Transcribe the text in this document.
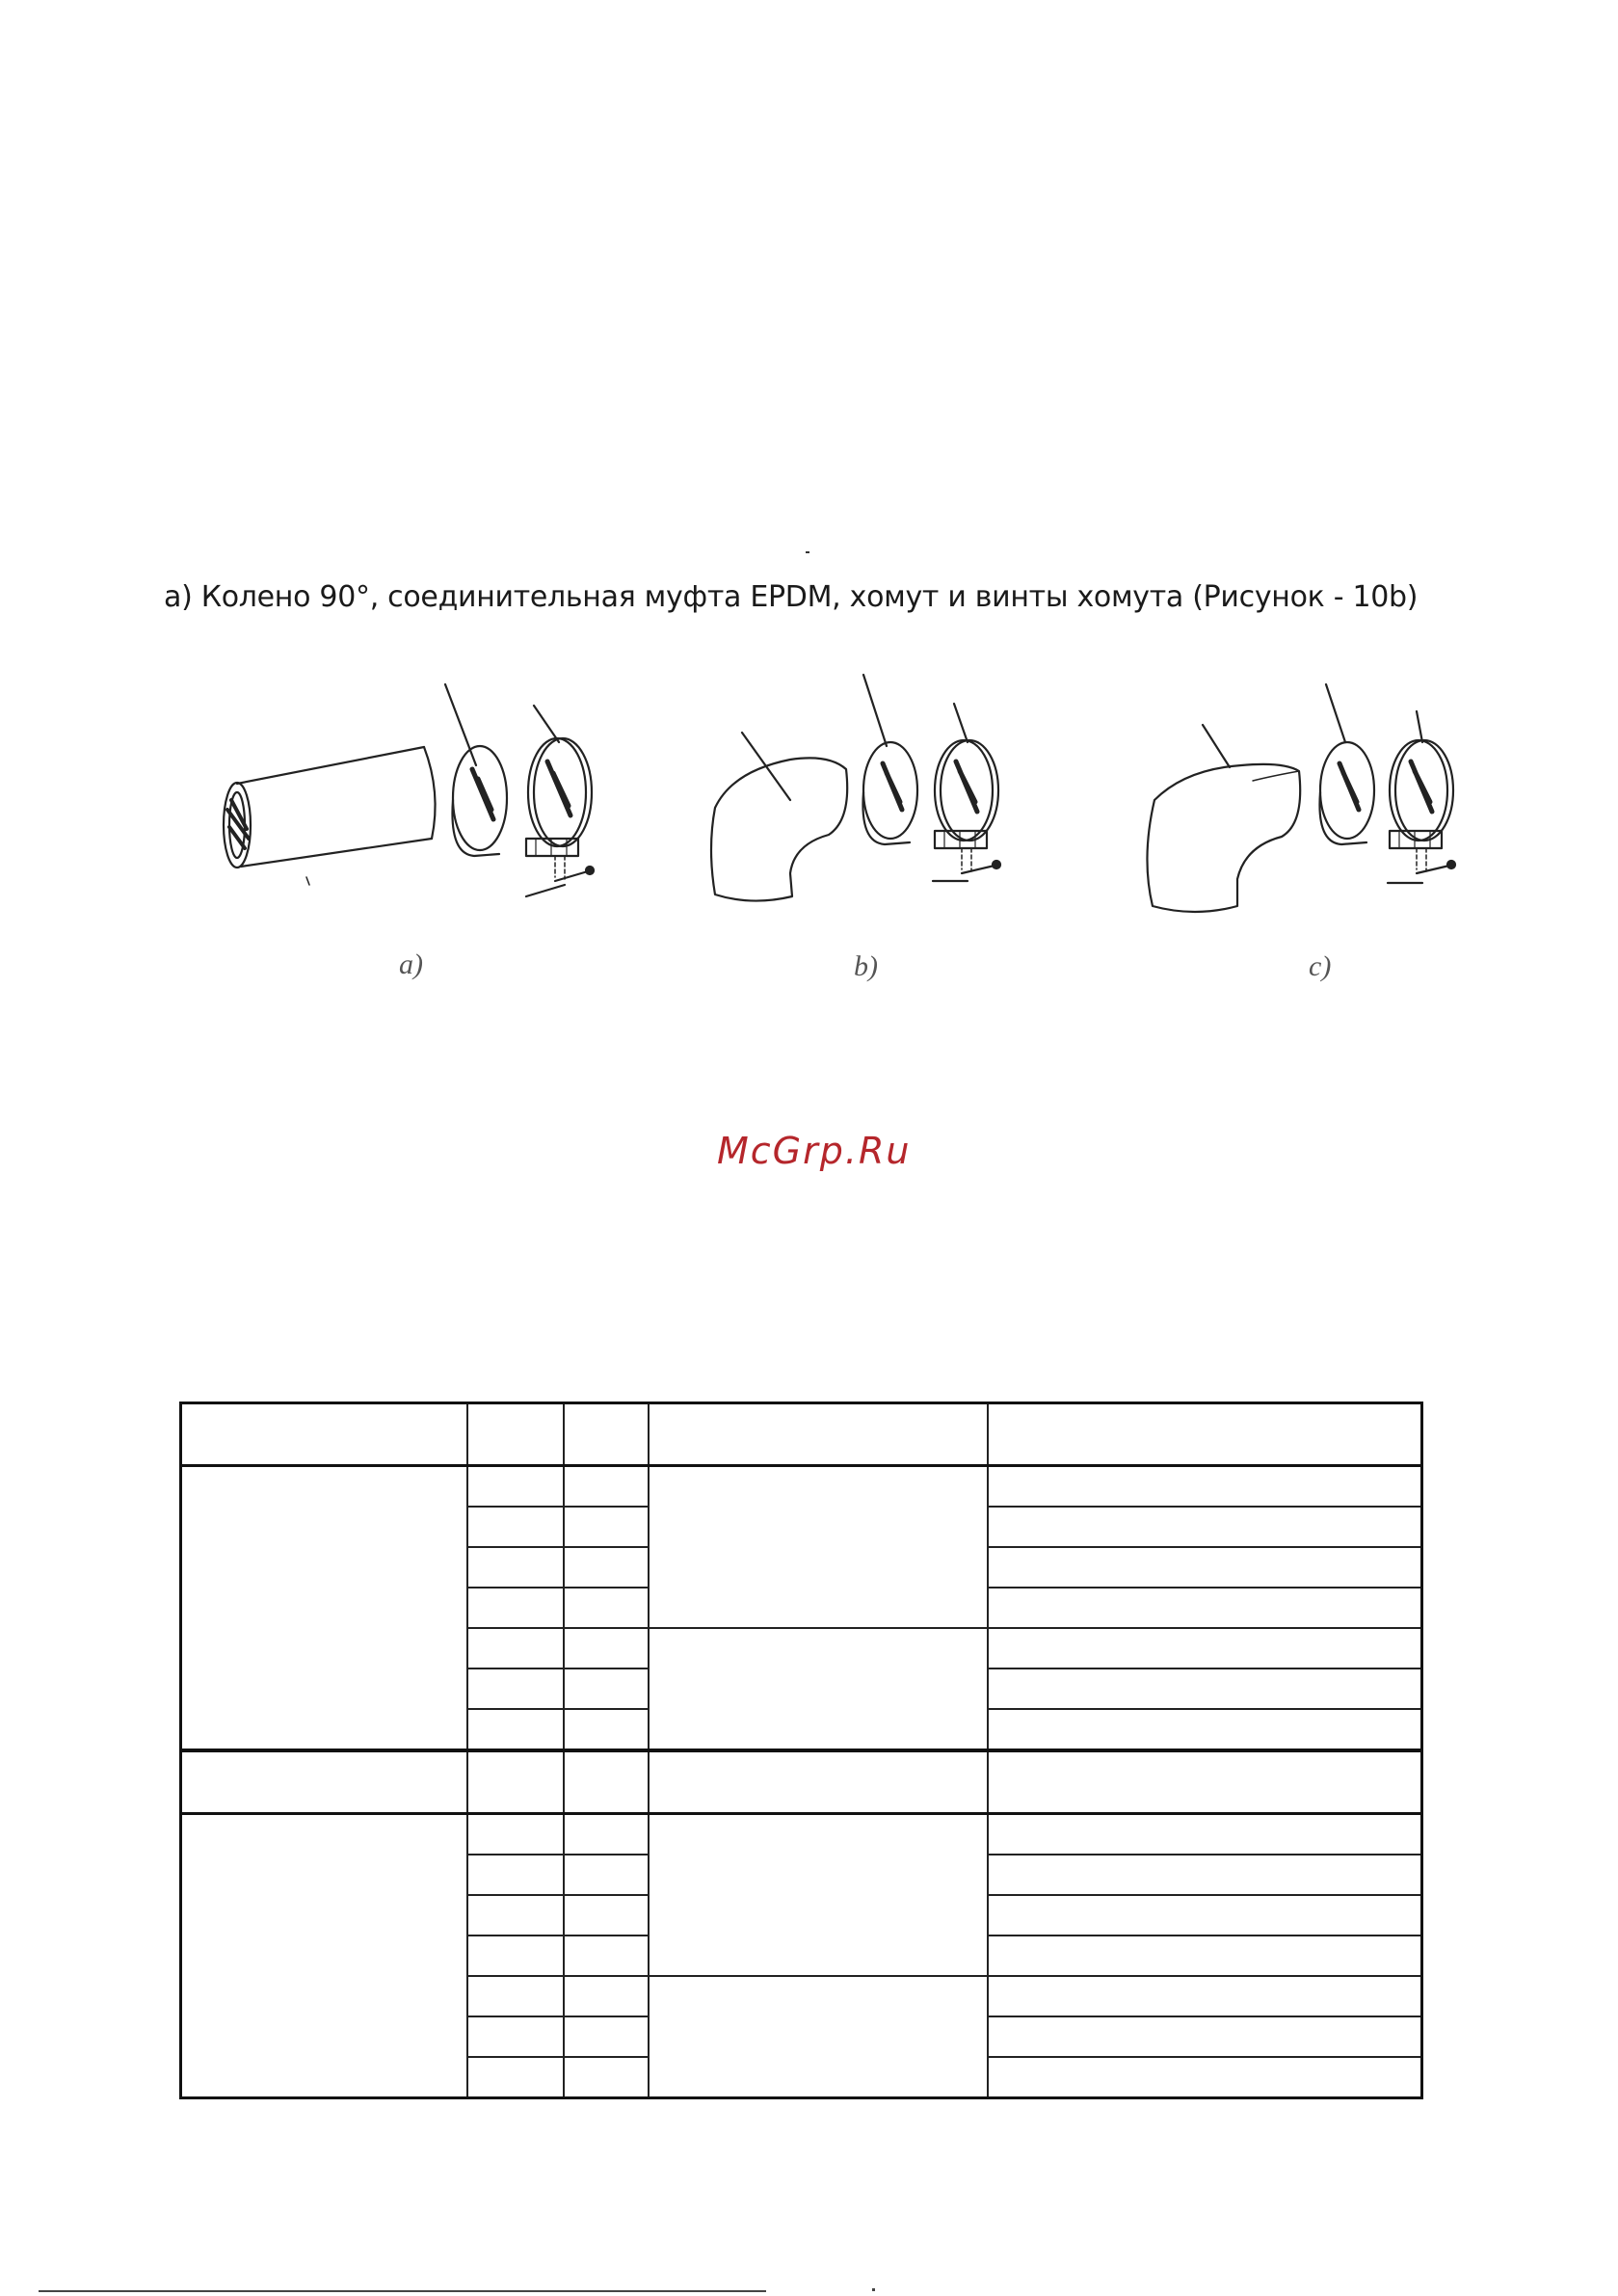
a) Колено 90°, соединительная муфта EPDM, хомут и винты хомута (Рисунок - 10b)
a)	b)	c)
McGrp.Ru
